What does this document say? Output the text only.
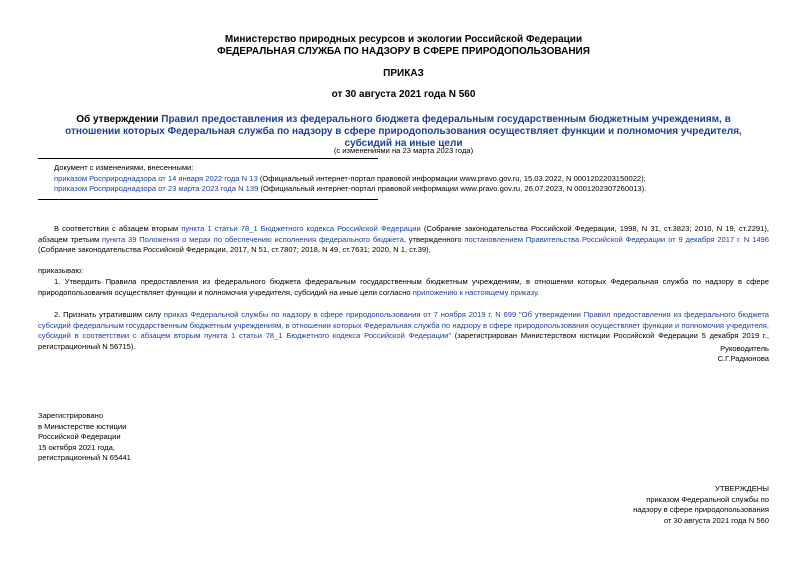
Министерство природных ресурсов и экологии Российской Федерации
ФЕДЕРАЛЬНАЯ СЛУЖБА ПО НАДЗОРУ В СФЕРЕ ПРИРОДОПОЛЬЗОВАНИЯ
ПРИКАЗ
от 30 августа 2021 года N 560
Об утверждении Правил предоставления из федерального бюджета федеральным государственным бюджетным учреждениям, в отношении которых Федеральная служба по надзору в сфере природопользования осуществляет функции и полномочия учредителя, субсидий на иные цели
(с изменениями на 23 марта 2023 года)
Документ с изменениями, внесенными:
приказом Росприроднадзора от 14 января 2022 года N 13 (Официальный интернет-портал правовой информации www.pravo.gov.ru, 15.03.2022, N 0001202203150022);
приказом Росприроднадзора от 23 марта 2023 года N 139 (Официальный интернет-портал правовой информации www.pravo.gov.ru, 26.07.2023, N 0001202307260013).
В соответствии с абзацем вторым пункта 1 статьи 78_1 Бюджетного кодекса Российской Федерации (Собрание законодательства Российской Федерации, 1998, N 31, ст.3823; 2010, N 19, ст.2291), абзацем третьим пункта 39 Положения о мерах по обеспечению исполнения федерального бюджета, утвержденного постановлением Правительства Российской Федерации от 9 декабря 2017 г. N 1496 (Собрание законодательства Российской Федерации, 2017, N 51, ст.7807; 2018, N 49, ст.7631; 2020, N 1, ст.39),
приказываю:
1. Утвердить Правила предоставления из федерального бюджета федеральным государственным бюджетным учреждениям, в отношении которых Федеральная служба по надзору в сфере природопользования осуществляет функции и полномочия учредителя, субсидий на иные цели согласно приложению к настоящему приказу.
2. Признать утратившим силу приказ Федеральной службы по надзору в сфере природопользования от 7 ноября 2019 г. N 699 "Об утверждении Правил предоставления из федерального бюджета субсидий федеральным государственным бюджетным учреждениям, в отношении которых Федеральная служба по надзору в сфере природопользования осуществляет функции и полномочия учредителя, субсидий в соответствии с абзацем вторым пункта 1 статьи 78_1 Бюджетного кодекса Российской Федерации" (зарегистрирован Министерством юстиции Российской Федерации 5 декабря 2019 г., регистрационный N 56715).	Руководитель
С.Г.Радионова
Зарегистрировано
в Министерстве юстиции
Российской Федерации
15 октября 2021 года,
регистрационный N 65441
УТВЕРЖДЕНЫ
приказом Федеральной службы по
надзору в сфере природопользования
от 30 августа 2021 года N 560
